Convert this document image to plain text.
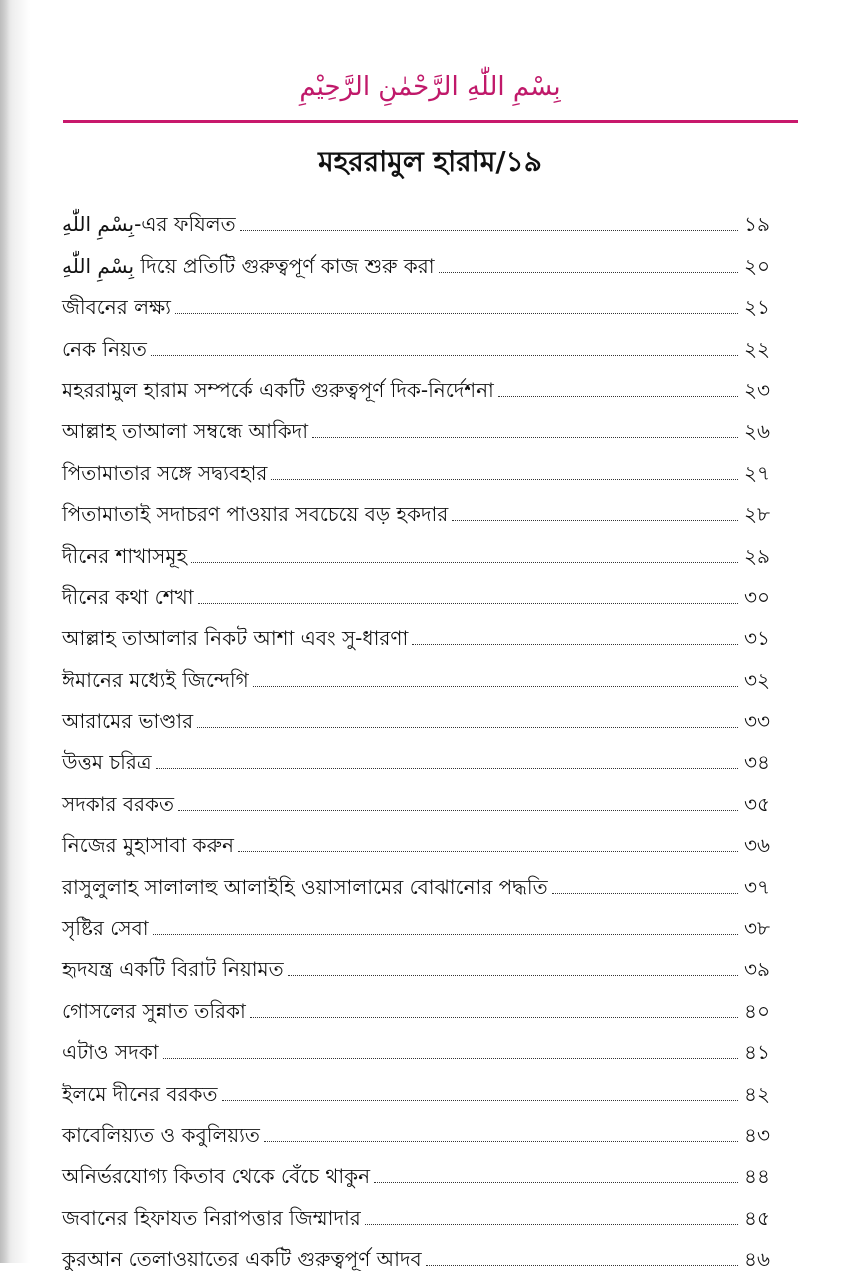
بِسْمِ اللّٰهِ الرَّحْمٰنِ الرَّحِيْمِ
মহররামুল হারাম/১৯
بِسْمِ اللّٰهِ-এর ফযিলত	১৯
بِسْمِ اللّٰهِ দিয়ে প্রতিটি গুরুত্বপূর্ণ কাজ শুরু করা	২০
জীবনের লক্ষ্য	২১
নেক নিয়ত	২২
মহররামুল হারাম সম্পর্কে একটি গুরুত্বপূর্ণ দিক-নির্দেশনা	২৩
আল্লাহ তাআলা সম্বন্ধে আকিদা	২৬
পিতামাতার সঙ্গে সদ্ব্যবহার	২৭
পিতামাতাই সদাচরণ পাওয়ার সবচেয়ে বড় হকদার	২৮
দীনের শাখাসমূহ	২৯
দীনের কথা শেখা	৩০
আল্লাহ তাআলার নিকট আশা এবং সু-ধারণা	৩১
ঈমানের মধ্যেই জিন্দেগি	৩২
আরামের ভাণ্ডার	৩৩
উত্তম চরিত্র	৩৪
সদকার বরকত	৩৫
নিজের মুহাসাবা করুন	৩৬
রাসুলুলাহ সালালাহু আলাইহি ওয়াসালামের বোঝানোর পদ্ধতি	৩৭
সৃষ্টির সেবা	৩৮
হৃদযন্ত্র একটি বিরাট নিয়ামত	৩৯
গোসলের সুন্নাত তরিকা	৪০
এটাও সদকা	৪১
ইলমে দীনের বরকত	৪২
কাবেলিয়্যত ও কবুলিয়্যত	৪৩
অনির্ভরযোগ্য কিতাব থেকে বেঁচে থাকুন	৪৪
জবানের হিফাযত নিরাপত্তার জিম্মাদার	৪৫
কুরআন তেলাওয়াতের একটি গুরুত্বপূর্ণ আদব	৪৬
